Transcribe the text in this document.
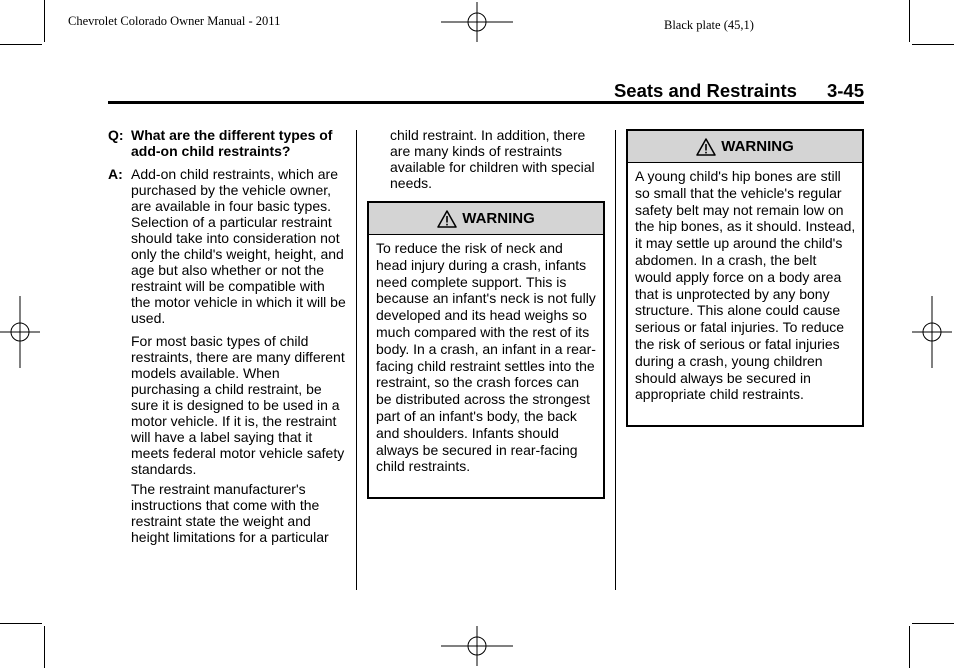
Chevrolet Colorado Owner Manual - 2011	Black plate (45,1)
Seats and Restraints 3-45
Q: What are the different types of add-on child restraints?
A: Add-on child restraints, which are purchased by the vehicle owner, are available in four basic types. Selection of a particular restraint should take into consideration not only the child's weight, height, and age but also whether or not the restraint will be compatible with the motor vehicle in which it will be used.
For most basic types of child restraints, there are many different models available. When purchasing a child restraint, be sure it is designed to be used in a motor vehicle. If it is, the restraint will have a label saying that it meets federal motor vehicle safety standards.
The restraint manufacturer's instructions that come with the restraint state the weight and height limitations for a particular
child restraint. In addition, there are many kinds of restraints available for children with special needs.
WARNING
To reduce the risk of neck and head injury during a crash, infants need complete support. This is because an infant's neck is not fully developed and its head weighs so much compared with the rest of its body. In a crash, an infant in a rear-facing child restraint settles into the restraint, so the crash forces can be distributed across the strongest part of an infant's body, the back and shoulders. Infants should always be secured in rear-facing child restraints.
WARNING
A young child's hip bones are still so small that the vehicle's regular safety belt may not remain low on the hip bones, as it should. Instead, it may settle up around the child's abdomen. In a crash, the belt would apply force on a body area that is unprotected by any bony structure. This alone could cause serious or fatal injuries. To reduce the risk of serious or fatal injuries during a crash, young children should always be secured in appropriate child restraints.
